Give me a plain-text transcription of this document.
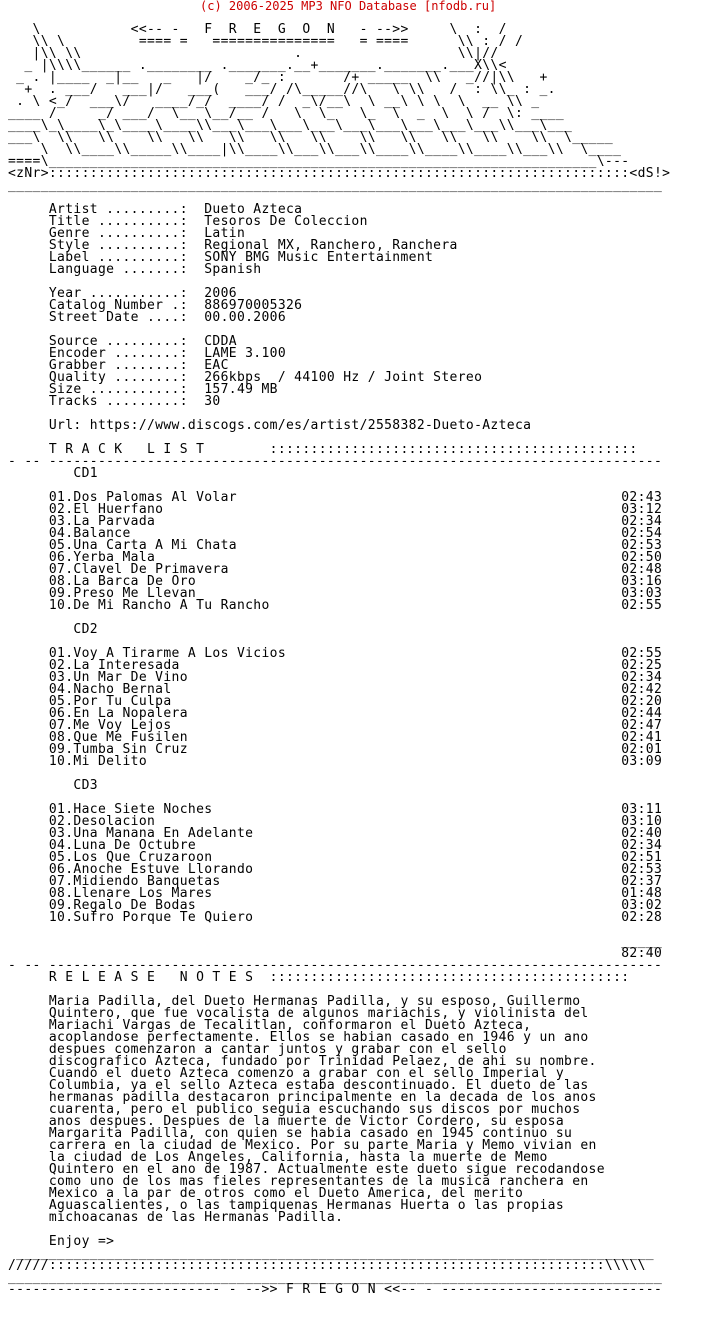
(c) 2006-2025 MP3 NFO Database [nfodb.ru]

\           <<-- -   F  R  E  G  O  N   - -->>     \  :  /
\\ \         ==== =   ===============   = ====      \\ : / /
|\\ \\                          .                   \\|//
_ |\\\\______ .________ ._______.__+_______._______.___X\\<
_ . |____  _|__   _   |/    _/_ :       /+ _____  \\   _//|\\   +
+  . ___/   ___|/   ___(   ___/ /\_____//\   \ \\   /  : \\_ : _.
. \ <_/  ___\/   ____/_/  ____/ /  _\/__\  \ __\ \ \  \  __ \\ _
____ /     _/ ___/  \__ \__/__ /   \  \_   \_  \  _  \  \ /  \: ____
____\_\____\_\____\____\\___\___\___\___\___\___\___\___\___\\___\___
___\  \\   \\    \\   \\   \\   \\   \\    \\   \\   \\   \\    \\  \_____
\  \\____\\_____\\____|\\____\\___\\___\\____\\____\\____\\___\\  \____
====\___________________________________________________________________\---
<zNr>:::::::::::::::::::::::::::::::::::::::::::::::::::::::::::::::::::::::<dS!>
________________________________________________________________________________

Artist .........:  Dueto Azteca
Title ..........:  Tesoros De Coleccion
Genre ..........:  Latin
Style ..........:  Regional MX, Ranchero, Ranchera
Label ..........:  SONY BMG Music Entertainment
Language .......:  Spanish

Year ...........:  2006
Catalog Number .:  886970005326
Street Date ....:  00.00.2006

Source .........:  CDDA
Encoder ........:  LAME 3.100
Grabber ........:  EAC
Quality ........:  266kbps  / 44100 Hz / Joint Stereo
Size ...........:  157.49 MB
Tracks .........:  30

Url: https://www.discogs.com/es/artist/2558382-Dueto-Azteca

T R A C K   L I S T        :::::::::::::::::::::::::::::::::::::::::::::
- -- ---------------------------------------------------------------------------
CD1

01.Dos Palomas Al Volar                                               02:43
02.El Huerfano                                                        03:12
03.La Parvada                                                         02:34
04.Balance                                                            02:54
05.Una Carta A Mi Chata                                               02:53
06.Yerba Mala                                                         02:50
07.Clavel De Primavera                                                02:48
08.La Barca De Oro                                                    03:16
09.Preso Me Llevan                                                    03:03
10.De Mi Rancho A Tu Rancho                                           02:55

CD2

01.Voy A Tirarme A Los Vicios                                         02:55
02.La Interesada                                                      02:25
03.Un Mar De Vino                                                     02:34
04.Nacho Bernal                                                       02:42
05.Por Tu Culpa                                                       02:20
06.En La Nopalera                                                     02:44
07.Me Voy Lejos                                                       02:47
08.Que Me Fusilen                                                     02:41
09.Tumba Sin Cruz                                                     02:01
10.Mi Delito                                                          03:09

CD3

01.Hace Siete Noches                                                  03:11
02.Desolacion                                                         03:10
03.Una Manana En Adelante                                             02:40
04.Luna De Octubre                                                    02:34
05.Los Que Cruzaroon                                                  02:51
06.Anoche Estuve Llorando                                             02:53
07.Midiendo Banquetas                                                 02:37
08.Llenare Los Mares                                                  01:48
09.Regalo De Bodas                                                    03:02
10.Sufro Porque Te Quiero                                             02:28

_____
82:40
- -- ---------------------------------------------------------------------------
R E L E A S E   N O T E S  ::::::::::::::::::::::::::::::::::::::::::::

Maria Padilla, del Dueto Hermanas Padilla, y su esposo, Guillermo
Quintero, que fue vocalista de algunos mariachis, y violinista del
Mariachi Vargas de Tecalitlan, conformaron el Dueto Azteca,
acoplandose perfectamente. Ellos se habian casado en 1946 y un ano
despues comenzaron a cantar juntos y grabar con el sello
discografico Azteca, fundado por Trinidad Pelaez, de ahi su nombre.
Cuando el dueto Azteca comenzo a grabar con el sello Imperial y
Columbia, ya el sello Azteca estaba descontinuado. El dueto de las
hermanas padilla destacaron principalmente en la decada de los anos
cuarenta, pero el publico seguia escuchando sus discos por muchos
anos despues. Despues de la muerte de Victor Cordero, su esposa
Margarita Padilla, con quien se habia casado en 1945 continuo su
carrera en la ciudad de Mexico. Por su parte Maria y Memo vivian en
la ciudad de Los Angeles, California, hasta la muerte de Memo
Quintero en el ano de 1987. Actualmente este dueto sigue recodandose
como uno de los mas fieles representantes de la musica ranchera en
Mexico a la par de otros como el Dueto America, del merito
Aguascalientes, o las tampiquenas Hermanas Huerta o las propias
michoacanas de las Hermanas Padilla.

Enjoy =>
______________________________________________________________________________
/////::::::::::::::::::::::::::::::::::::::::::::::::::::::::::::::::::::\\\\\
________________________________________________________________________________
-------------------------- - -->> F R E G O N <<-- - ---------------------------
